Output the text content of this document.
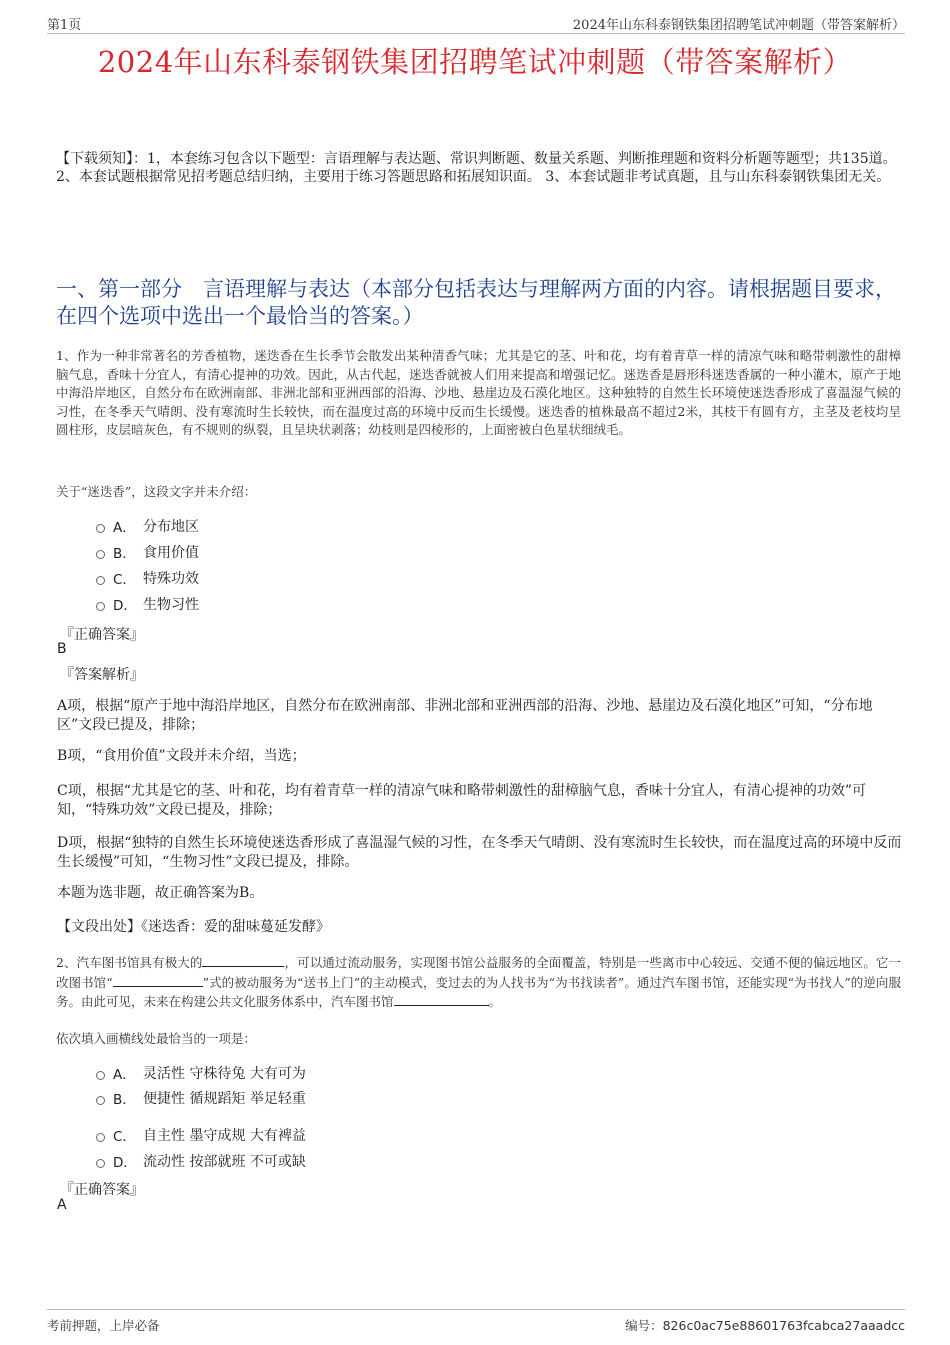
第1页	2024年山东科泰钢铁集团招聘笔试冲刺题（带答案解析）
2024年山东科泰钢铁集团招聘笔试冲刺题（带答案解析）
【下载须知】：1，本套练习包含以下题型：言语理解与表达题、常识判断题、数量关系题、判断推理题和资料分析题等题型；共135道。 2、本套试题根据常见招考题总结归纳，主要用于练习答题思路和拓展知识面。 3、本套试题非考试真题，且与山东科泰钢铁集团无关。
一、第一部分　言语理解与表达（本部分包括表达与理解两方面的内容。请根据题目要求，在四个选项中选出一个最恰当的答案。）
1、作为一种非常著名的芳香植物，迷迭香在生长季节会散发出某种清香气味；尤其是它的茎、叶和花，均有着青草一样的清凉气味和略带刺激性的甜樟脑气息，香味十分宜人，有清心提神的功效。因此，从古代起，迷迭香就被人们用来提高和增强记忆。迷迭香是唇形科迷迭香属的一种小灌木，原产于地中海沿岸地区，自然分布在欧洲南部、非洲北部和亚洲西部的沿海、沙地、悬崖边及石漠化地区。这种独特的自然生长环境使迷迭香形成了喜温湿气候的习性，在冬季天气晴朗、没有寒流时生长较快，而在温度过高的环境中反而生长缓慢。迷迭香的植株最高不超过2米，其枝干有圆有方，主茎及老枝均呈圆柱形，皮层暗灰色，有不规则的纵裂，且呈块状剥落；幼枝则是四棱形的，上面密被白色星状细绒毛。
关于“迷迭香”，这段文字并未介绍：
A． 分布地区
B． 食用价值
C． 特殊功效
D． 生物习性
『正确答案』
B
『答案解析』
A项，根据“原产于地中海沿岸地区，自然分布在欧洲南部、非洲北部和亚洲西部的沿海、沙地、悬崖边及石漠化地区”可知，“分布地区”文段已提及，排除；
B项，“食用价值”文段并未介绍，当选；
C项，根据“尤其是它的茎、叶和花，均有着青草一样的清凉气味和略带刺激性的甜樟脑气息，香味十分宜人，有清心提神的功效”可知，“特殊功效”文段已提及，排除；
D项，根据“独特的自然生长环境使迷迭香形成了喜温湿气候的习性，在冬季天气晴朗、没有寒流时生长较快，而在温度过高的环境中反而生长缓慢”可知，“生物习性”文段已提及，排除。
本题为选非题，故正确答案为B。
【文段出处】《迷迭香：爱的甜味蔓延发酵》
2、汽车图书馆具有极大的	，可以通过流动服务，实现图书馆公益服务的全面覆盖，特别是一些离市中心较远、交通不便的偏远地区。它一改图书馆“	”式的被动服务为“送书上门”的主动模式，变过去的为人找书为“为书找读者”。通过汽车图书馆，还能实现“为书找人”的逆向服务。由此可见，未来在构建公共文化服务体系中，汽车图书馆	。
依次填入画横线处最恰当的一项是：
A． 灵活性 守株待兔 大有可为
B． 便捷性 循规蹈矩 举足轻重
C． 自主性 墨守成规 大有裨益
D． 流动性 按部就班 不可或缺
『正确答案』
A
考前押题，上岸必备	编号：826c0ac75e88601763fcabca27aaadcc
